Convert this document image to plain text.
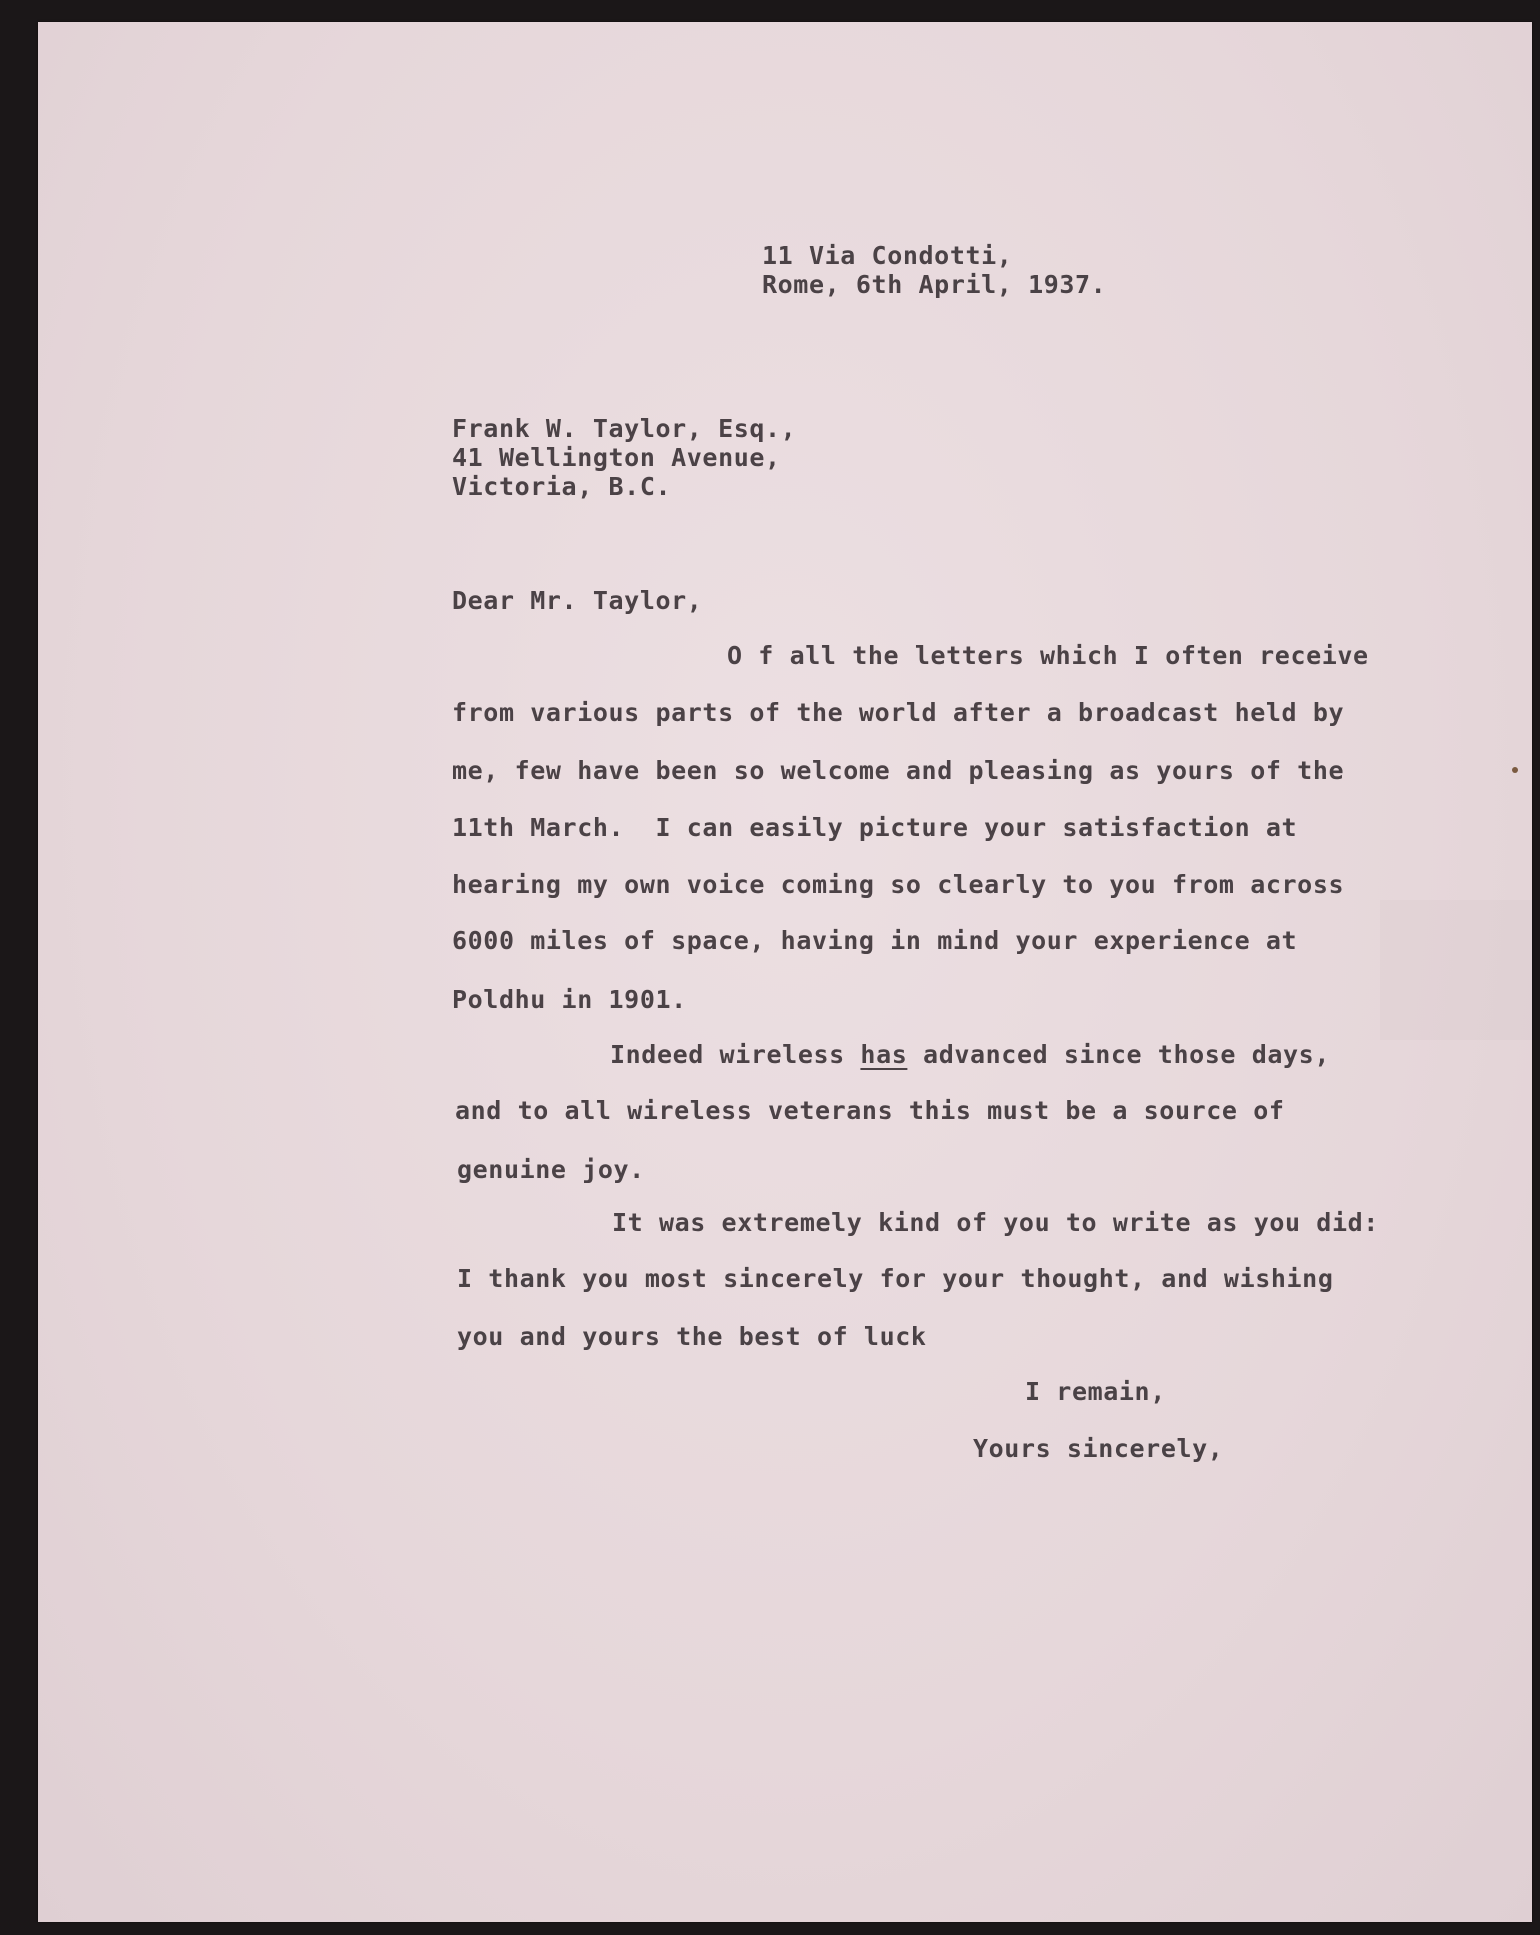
11 Via Condotti,
Rome, 6th April, 1937.
Frank W. Taylor, Esq.,
41 Wellington Avenue,
Victoria, B.C.
Dear Mr. Taylor,
O f all the letters which I often receive
from various parts of the world after a broadcast held by
me, few have been so welcome and pleasing as yours of the
11th March.  I can easily picture your satisfaction at
hearing my own voice coming so clearly to you from across
6000 miles of space, having in mind your experience at
Poldhu in 1901.
Indeed wireless has advanced since those days,
and to all wireless veterans this must be a source of
genuine joy.
It was extremely kind of you to write as you did:
I thank you most sincerely for your thought, and wishing
you and yours the best of luck
I remain,
Yours sincerely,
